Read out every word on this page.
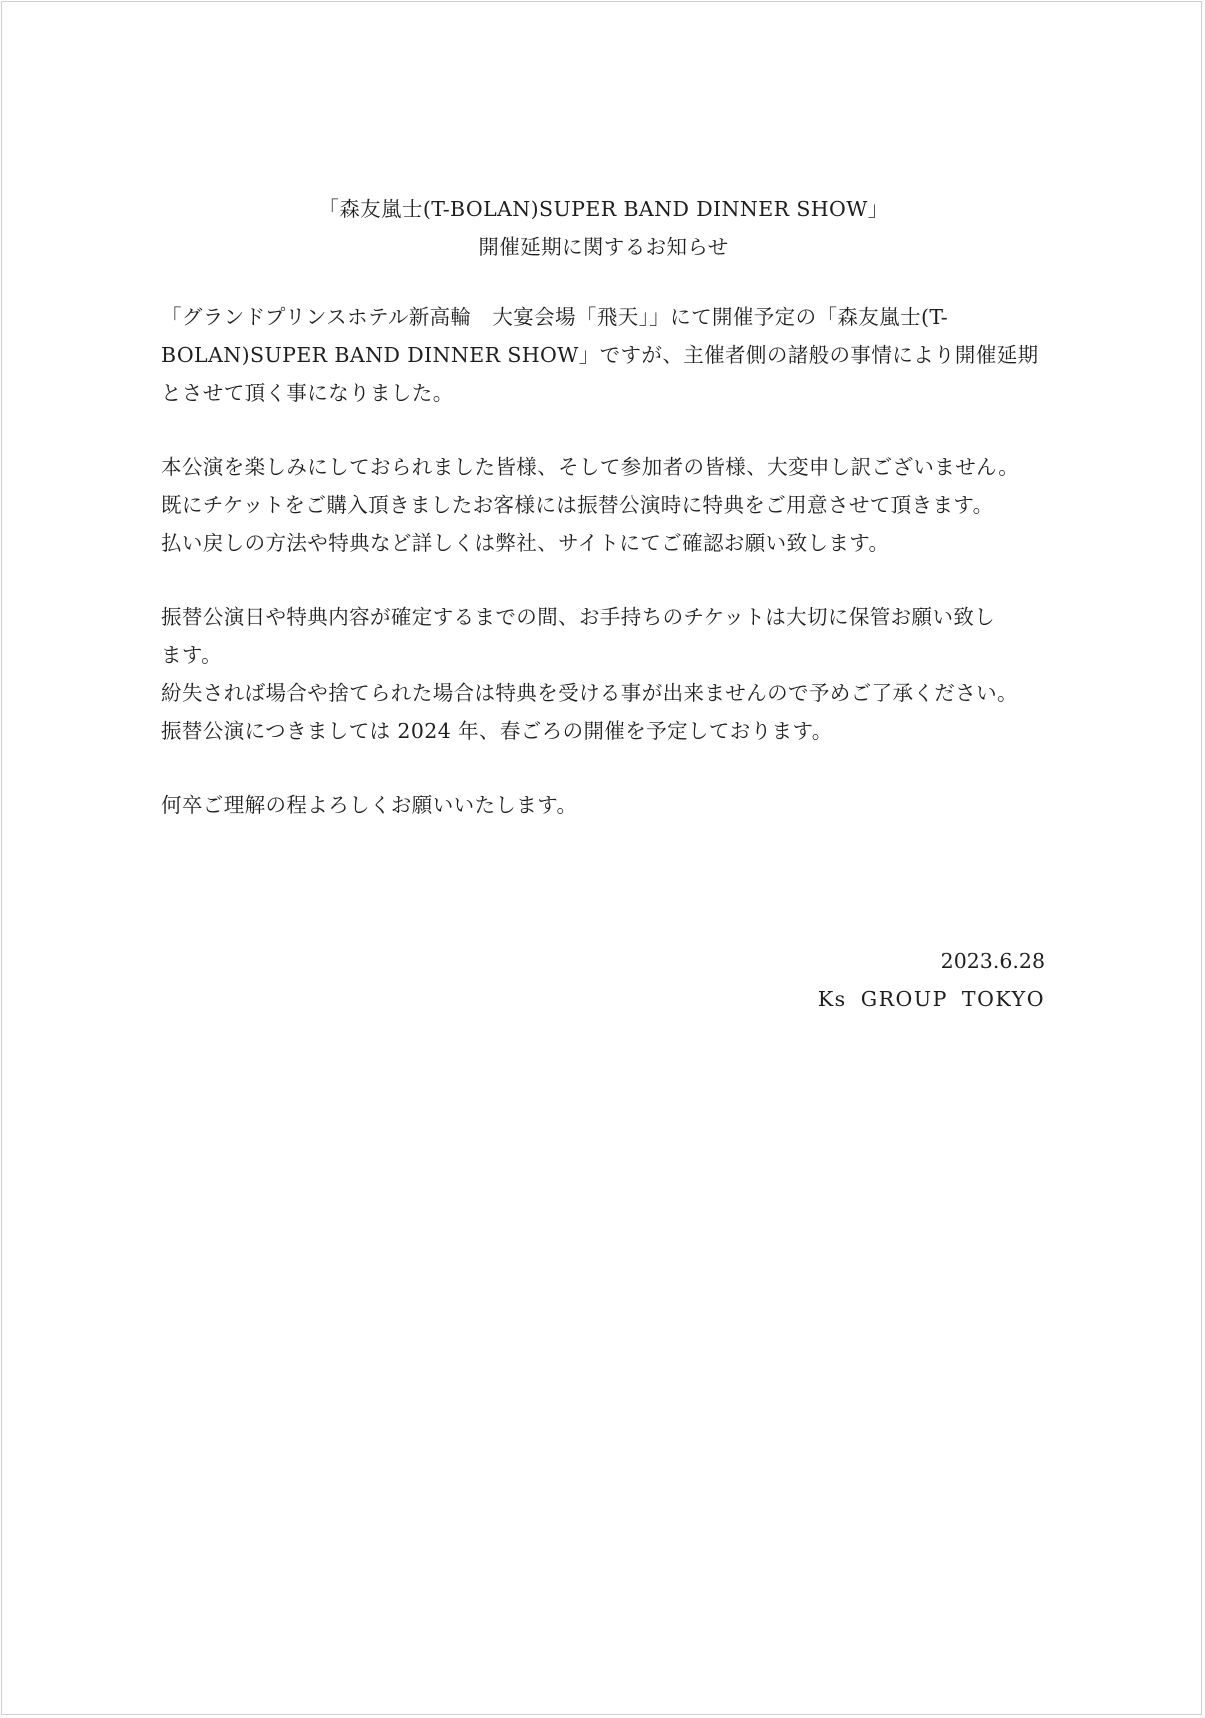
「森友嵐士(T-BOLAN)SUPER BAND DINNER SHOW」
開催延期に関するお知らせ
「グランドプリンスホテル新高輪　大宴会場「飛天」」にて開催予定の「森友嵐士(T-
BOLAN)SUPER BAND DINNER SHOW」ですが、主催者側の諸般の事情により開催延期
とさせて頂く事になりました。
本公演を楽しみにしておられました皆様、そして参加者の皆様、大変申し訳ございません。
既にチケットをご購入頂きましたお客様には振替公演時に特典をご用意させて頂きます。
払い戻しの方法や特典など詳しくは弊社、サイトにてご確認お願い致します。
振替公演日や特典内容が確定するまでの間、お手持ちのチケットは大切に保管お願い致し
ます。
紛失されば場合や捨てられた場合は特典を受ける事が出来ませんので予めご了承ください。
振替公演につきましては 2024 年、春ごろの開催を予定しております。
何卒ご理解の程よろしくお願いいたします。
2023.6.28
Ks GROUP TOKYO
